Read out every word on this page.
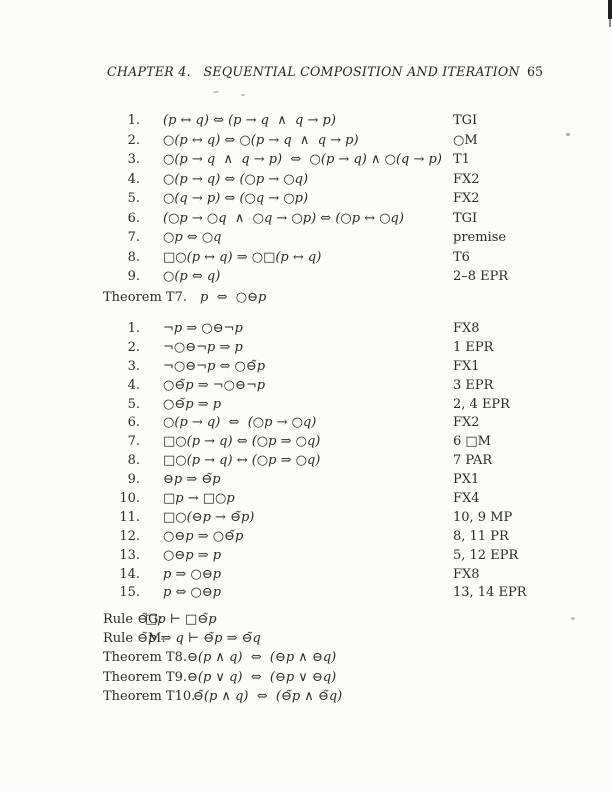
CHAPTER 4.   SEQUENTIAL COMPOSITION AND ITERATION 65
1. (p ↔ q) ⇔ (p → q  ∧  q → p)	TGI
2. ○(p ↔ q) ⇔ ○(p → q  ∧  q → p)	○M
3. ○(p → q  ∧  q → p)  ⇔  ○(p → q) ∧ ○(q → p) T1
4. ○(p → q) ⇔ (○p → ○q)	FX2
5. ○(q → p) ⇔ (○q → ○p)	FX2
6. (○p → ○q  ∧  ○q → ○p) ⇔ (○p ↔ ○q)	TGI
7. ○p ⇔ ○q	premise
8. □○(p ↔ q) ⇒ ○□(p ↔ q)	T6
9. ○(p ⇔ q)	2–8 EPR
Theorem T7. p  ⇔  ○⊖p
1. ¬p ⇒ ○⊖¬p	FX8
2. ¬○⊖¬p ⇒ p	1 EPR
3. ¬○⊖¬p ⇔ ○⊖̃p	FX1
4. ○⊖̃p ⇒ ¬○⊖¬p	3 EPR
5. ○⊖̃p ⇒ p	2, 4 EPR
6. ○(p → q)  ⇔  (○p → ○q)	FX2
7. □○(p → q) ⇔ (○p ⇒ ○q)	6 □M
8. □○(p → q) ↔ (○p ⇒ ○q)	7 PAR
9. ⊖p ⇒ ⊖̃p	PX1
10. □p → □○p	FX4
11. □○(⊖p → ⊖̃p)	10, 9 MP
12. ○⊖p ⇒ ○⊖̃p	8, 11 PR
13. ○⊖p ⇒ p	5, 12 EPR
14. p ⇒ ○⊖p	FX8
15. p ⇔ ○⊖p	13, 14 EPR
Rule ⊖̃G:
□p ⊢ □⊖̃p
Rule ⊖̃M:
p ⇒ q ⊢ ⊖̃p ⇒ ⊖̃q
Theorem T8. ⊖(p ∧ q)  ⇔  (⊖p ∧ ⊖q)
Theorem T9. ⊖(p ∨ q)  ⇔  (⊖p ∨ ⊖q)
Theorem T10.
⊖̃(p ∧ q)  ⇔  (⊖̃p ∧ ⊖̃q)
